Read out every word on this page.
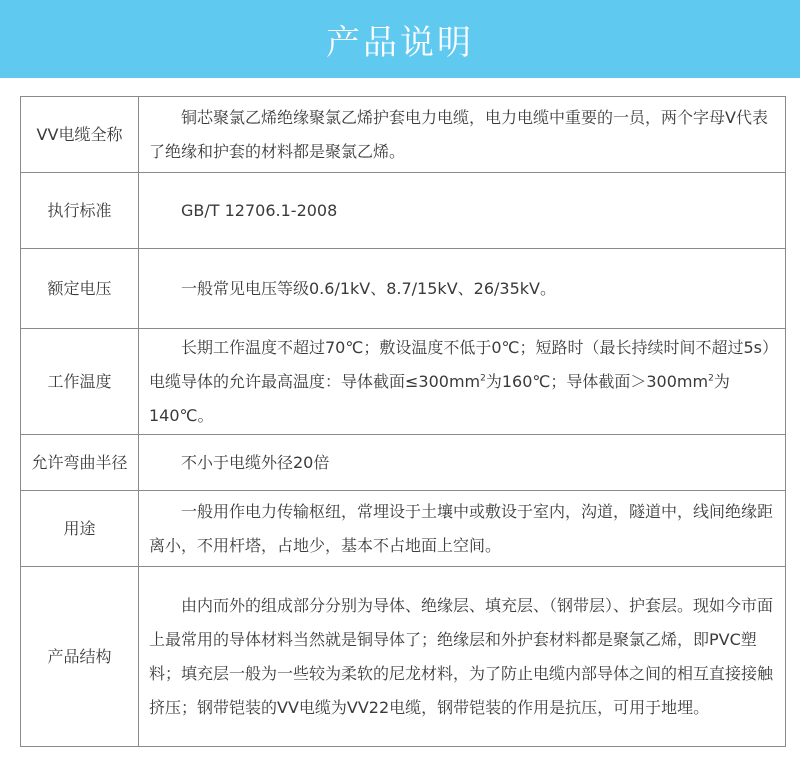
产品说明
VV电缆全称	铜芯聚氯乙烯绝缘聚氯乙烯护套电力电缆，电力电缆中重要的一员，两个字母V代表了绝缘和护套的材料都是聚氯乙烯。
执行标准	GB/T 12706.1-2008
额定电压	一般常见电压等级0.6/1kV、8.7/15kV、26/35kV。
工作温度	长期工作温度不超过70℃；敷设温度不低于0℃；短路时（最长持续时间不超过5s）电缆导体的允许最高温度：导体截面$\le 300mm^2$为160℃；导体截面$>300mm^2$为140℃。
允许弯曲半径	不小于电缆外径20倍
用途	一般用作电力传输枢纽，常埋设于土壤中或敷设于室内，沟道，隧道中，线间绝缘距离小，不用杆塔，占地少，基本不占地面上空间。
产品结构	由内而外的组成部分分别为导体、绝缘层、填充层、（钢带层）、护套层。现如今市面上最常用的导体材料当然就是铜导体了；绝缘层和外护套材料都是聚氯乙烯，即PVC塑料；填充层一般为一些较为柔软的尼龙材料，为了防止电缆内部导体之间的相互直接接触挤压；钢带铠装的VV电缆为VV22电缆，钢带铠装的作用是抗压，可用于地埋。
